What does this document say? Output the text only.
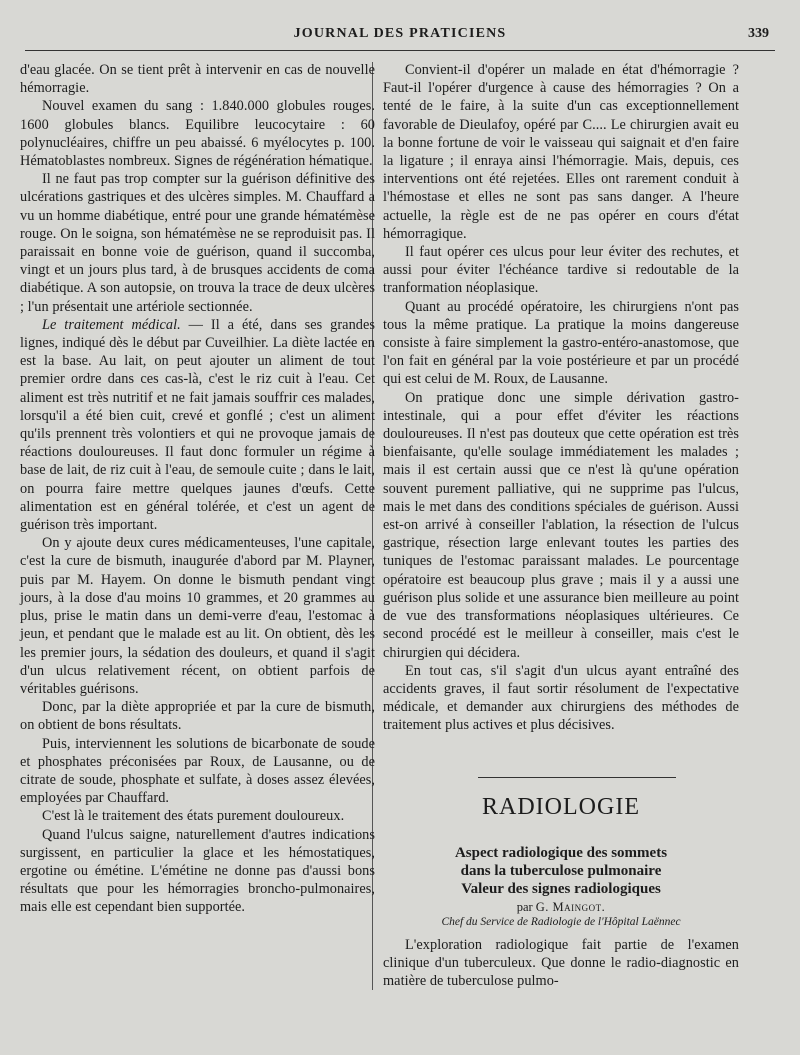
JOURNAL DES PRATICIENS	339

d'eau glacée. On se tient prêt à intervenir en cas de nouvelle hémorragie.

Nouvel examen du sang : 1.840.000 globules rouges. 1600 globules blancs. Equilibre leucocytaire : 60 polynucléaires, chiffre un peu abaissé. 6 myélocytes p. 100. Hématoblastes nombreux. Signes de régénération hématique.

Il ne faut pas trop compter sur la guérison définitive des ulcérations gastriques et des ulcères simples. M. Chauffard a vu un homme diabétique, entré pour une grande hématémèse rouge. On le soigna, son hématémèse ne se reproduisit pas. Il paraissait en bonne voie de guérison, quand il succomba, vingt et un jours plus tard, à de brusques accidents de coma diabétique. A son autopsie, on trouva la trace de deux ulcères ; l'un présentait une artériole sectionnée.

Le traitement médical. — Il a été, dans ses grandes lignes, indiqué dès le début par Cuveilhier. La diète lactée en est la base. Au lait, on peut ajouter un aliment de tout premier ordre dans ces cas-là, c'est le riz cuit à l'eau. Cet aliment est très nutritif et ne fait jamais souffrir ces malades, lorsqu'il a été bien cuit, crevé et gonflé ; c'est un aliment qu'ils prennent très volontiers et qui ne provoque jamais de réactions douloureuses. Il faut donc formuler un régime à base de lait, de riz cuit à l'eau, de semoule cuite ; dans le lait, on pourra faire mettre quelques jaunes d'œufs. Cette alimentation est en général tolérée, et c'est un agent de guérison très important.

On y ajoute deux cures médicamenteuses, l'une capitale, c'est la cure de bismuth, inaugurée d'abord par M. Playner, puis par M. Hayem. On donne le bismuth pendant vingt jours, à la dose d'au moins 10 grammes, et 20 grammes au plus, prise le matin dans un demi-verre d'eau, l'estomac à jeun, et pendant que le malade est au lit. On obtient, dès les les premier jours, la sédation des douleurs, et quand il s'agit d'un ulcus relativement récent, on obtient parfois de véritables guérisons.

Donc, par la diète appropriée et par la cure de bismuth, on obtient de bons résultats.

Puis, interviennent les solutions de bicarbonate de soude et phosphates préconisées par Roux, de Lausanne, ou de citrate de soude, phosphate et sulfate, à doses assez élevées, employées par Chauffard.

C'est là le traitement des états purement douloureux.

Quand l'ulcus saigne, naturellement d'autres indications surgissent, en particulier la glace et les hémostatiques, ergotine ou émétine. L'émétine ne donne pas d'aussi bons résultats que pour les hémorragies broncho-pulmonaires, mais elle est cependant bien supportée.

Convient-il d'opérer un malade en état d'hémorragie ? Faut-il l'opérer d'urgence à cause des hémorragies ? On a tenté de le faire, à la suite d'un cas exceptionnellement favorable de Dieulafoy, opéré par C.... Le chirurgien avait eu la bonne fortune de voir le vaisseau qui saignait et d'en faire la ligature ; il enraya ainsi l'hémorragie. Mais, depuis, ces interventions ont été rejetées. Elles ont rarement conduit à l'hémostase et elles ne sont pas sans danger. A l'heure actuelle, la règle est de ne pas opérer en cours d'état hémorragique.

Il faut opérer ces ulcus pour leur éviter des rechutes, et aussi pour éviter l'échéance tardive si redoutable de la tranformation néoplasique.

Quant au procédé opératoire, les chirurgiens n'ont pas tous la même pratique. La pratique la moins dangereuse consiste à faire simplement la gastro-entéro-anastomose, que l'on fait en général par la voie postérieure et par un procédé qui est celui de M. Roux, de Lausanne.

On pratique donc une simple dérivation gastro-intestinale, qui a pour effet d'éviter les réactions douloureuses. Il n'est pas douteux que cette opération est très bienfaisante, qu'elle soulage immédiatement les malades ; mais il est certain aussi que ce n'est là qu'une opération souvent purement palliative, qui ne supprime pas l'ulcus, mais le met dans des conditions spéciales de guérison. Aussi est-on arrivé à conseiller l'ablation, la résection de l'ulcus gastrique, résection large enlevant toutes les parties des tuniques de l'estomac paraissant malades. Le pourcentage opératoire est beaucoup plus grave ; mais il y a aussi une guérison plus solide et une assurance bien meilleure au point de vue des transformations néoplasiques ultérieures. Ce second procédé est le meilleur à conseiller, mais c'est le chirurgien qui décidera.

En tout cas, s'il s'agit d'un ulcus ayant entraîné des accidents graves, il faut sortir résolument de l'expectative médicale, et demander aux chirurgiens des méthodes de traitement plus actives et plus décisives.

RADIOLOGIE
Aspect radiologique des sommets
dans la tuberculose pulmonaire
Valeur des signes radiologiques
par G. Maingot.
Chef du Service de Radiologie de l'Hôpital Laënnec

L'exploration radiologique fait partie de l'examen clinique d'un tuberculeux. Que donne le radio-diagnostic en matière de tuberculose pulmo-
